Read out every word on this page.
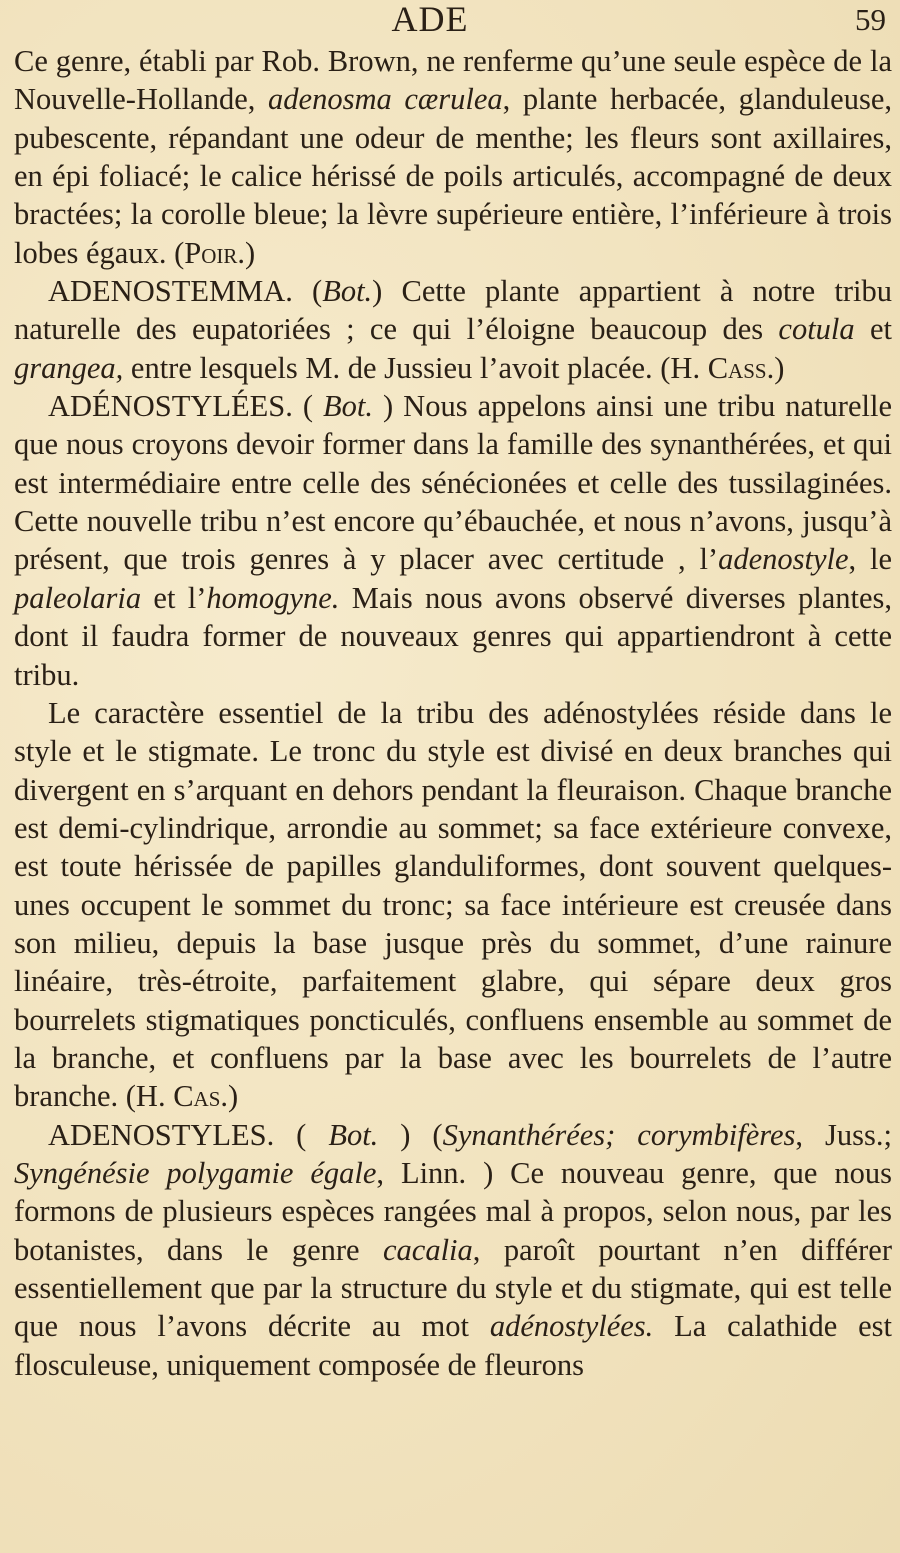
ADE	59

Ce genre, établi par Rob. Brown, ne renferme qu’une seule espèce de la Nouvelle-Hollande, adenosma cærulea, plante herbacée, glanduleuse, pubescente, répandant une odeur de menthe; les fleurs sont axillaires, en épi foliacé; le calice hérissé de poils articulés, accompagné de deux bractées; la corolle bleue; la lèvre supérieure entière, l’inférieure à trois lobes égaux. (Poir.)

ADENOSTEMMA. (Bot.) Cette plante appartient à notre tribu naturelle des eupatoriées ; ce qui l’éloigne beaucoup des cotula et grangea, entre lesquels M. de Jussieu l’avoit placée. (H. Cass.)

ADÉNOSTYLÉES. ( Bot. ) Nous appelons ainsi une tribu naturelle que nous croyons devoir former dans la famille des synanthérées, et qui est intermédiaire entre celle des sénécionées et celle des tussilaginées. Cette nouvelle tribu n’est encore qu’ébauchée, et nous n’avons, jusqu’à présent, que trois genres à y placer avec certitude , l’adenostyle, le paleolaria et l’homogyne. Mais nous avons observé diverses plantes, dont il faudra former de nouveaux genres qui appartiendront à cette tribu.

Le caractère essentiel de la tribu des adénostylées réside dans le style et le stigmate. Le tronc du style est divisé en deux branches qui divergent en s’arquant en dehors pendant la fleuraison. Chaque branche est demi-cylindrique, arrondie au sommet; sa face extérieure convexe, est toute hérissée de papilles glanduliformes, dont souvent quelques-unes occupent le sommet du tronc; sa face intérieure est creusée dans son milieu, depuis la base jusque près du sommet, d’une rainure linéaire, très-étroite, parfaitement glabre, qui sépare deux gros bourrelets stigmatiques poncticulés, confluens ensemble au sommet de la branche, et confluens par la base avec les bourrelets de l’autre branche. (H. Cas.)

ADENOSTYLES. ( Bot. ) (Synanthérées; corymbifères, Juss.; Syngénésie polygamie égale, Linn. ) Ce nouveau genre, que nous formons de plusieurs espèces rangées mal à propos, selon nous, par les botanistes, dans le genre cacalia, paroît pourtant n’en différer essentiellement que par la structure du style et du stigmate, qui est telle que nous l’avons décrite au mot adénostylées. La calathide est flosculeuse, uniquement composée de fleurons
